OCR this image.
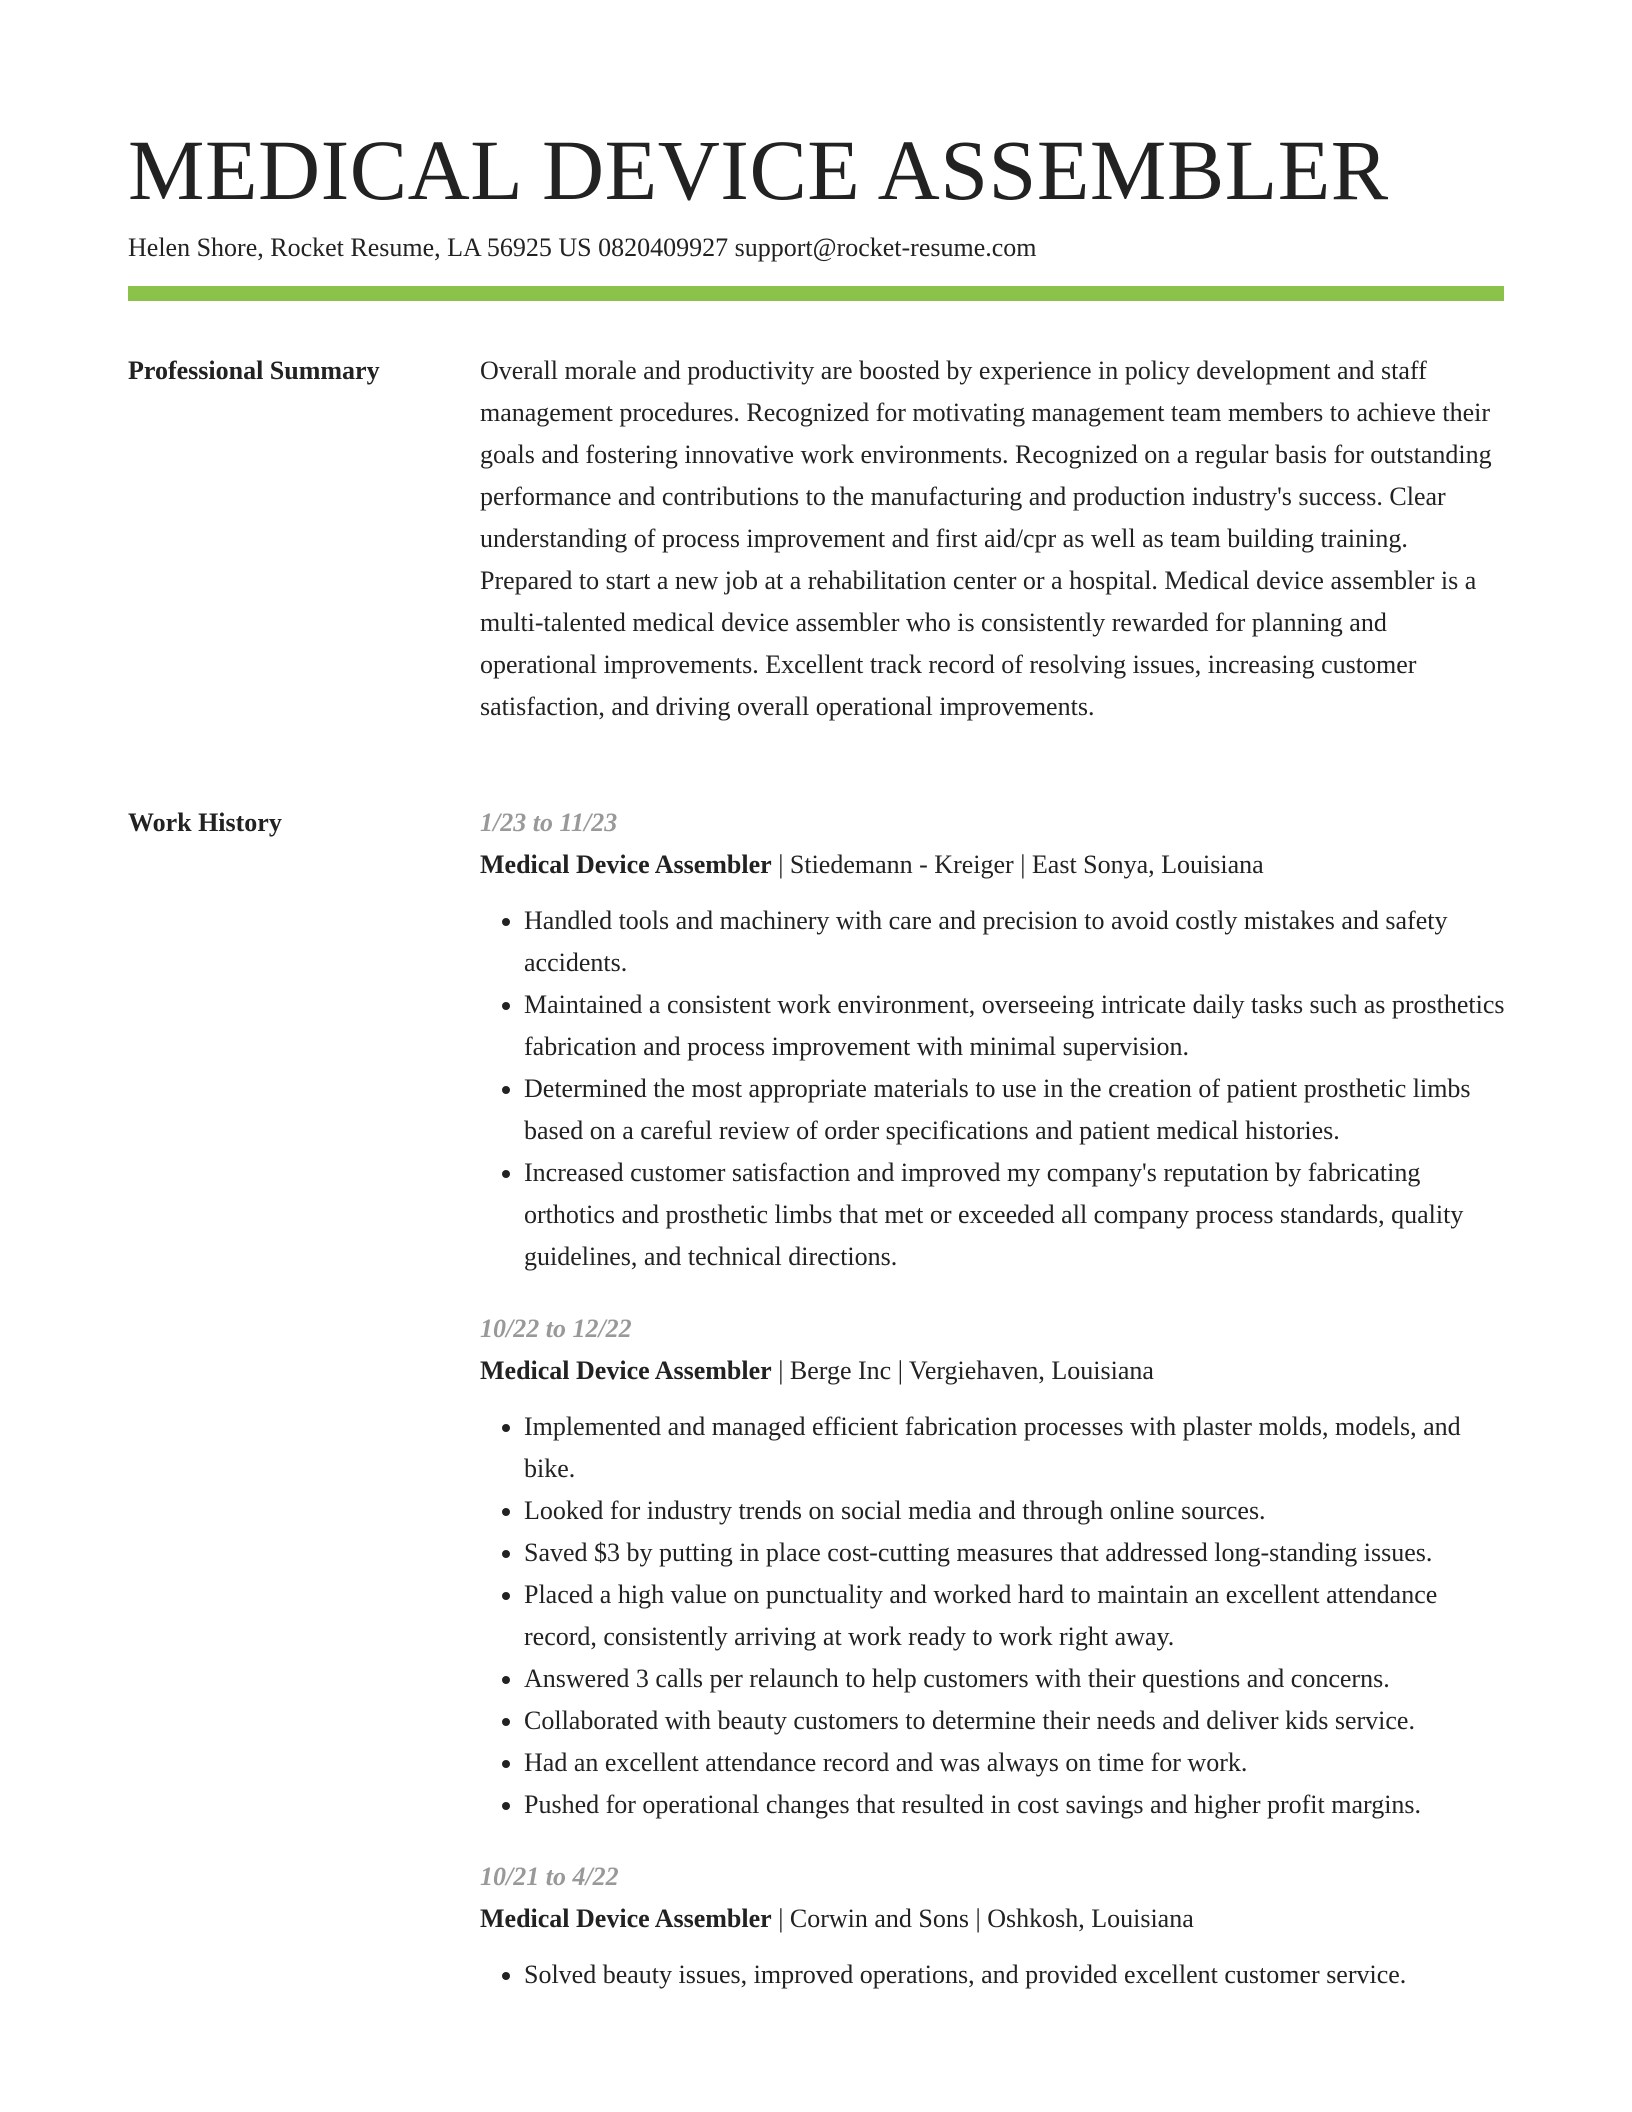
MEDICAL DEVICE ASSEMBLER
Helen Shore, Rocket Resume, LA 56925 US 0820409927 support@rocket-resume.com
Professional Summary	Overall morale and productivity are boosted by experience in policy development and staff management procedures. Recognized for motivating management team members to achieve their goals and fostering innovative work environments. Recognized on a regular basis for outstanding performance and contributions to the manufacturing and production industry's success. Clear understanding of process improvement and first aid/cpr as well as team building training. Prepared to start a new job at a rehabilitation center or a hospital. Medical device assembler is a multi-talented medical device assembler who is consistently rewarded for planning and operational improvements. Excellent track record of resolving issues, increasing customer satisfaction, and driving overall operational improvements.

Work History	1/23 to 11/23
Medical Device Assembler | Stiedemann - Kreiger | East Sonya, Louisiana
• Handled tools and machinery with care and precision to avoid costly mistakes and safety accidents.
• Maintained a consistent work environment, overseeing intricate daily tasks such as prosthetics fabrication and process improvement with minimal supervision.
• Determined the most appropriate materials to use in the creation of patient prosthetic limbs based on a careful review of order specifications and patient medical histories.
• Increased customer satisfaction and improved my company's reputation by fabricating orthotics and prosthetic limbs that met or exceeded all company process standards, quality guidelines, and technical directions.
10/22 to 12/22
Medical Device Assembler | Berge Inc | Vergiehaven, Louisiana
• Implemented and managed efficient fabrication processes with plaster molds, models, and bike.
• Looked for industry trends on social media and through online sources.
• Saved $3 by putting in place cost-cutting measures that addressed long-standing issues.
• Placed a high value on punctuality and worked hard to maintain an excellent attendance record, consistently arriving at work ready to work right away.
• Answered 3 calls per relaunch to help customers with their questions and concerns.
• Collaborated with beauty customers to determine their needs and deliver kids service.
• Had an excellent attendance record and was always on time for work.
• Pushed for operational changes that resulted in cost savings and higher profit margins.
10/21 to 4/22
Medical Device Assembler | Corwin and Sons | Oshkosh, Louisiana
• Solved beauty issues, improved operations, and provided excellent customer service.
